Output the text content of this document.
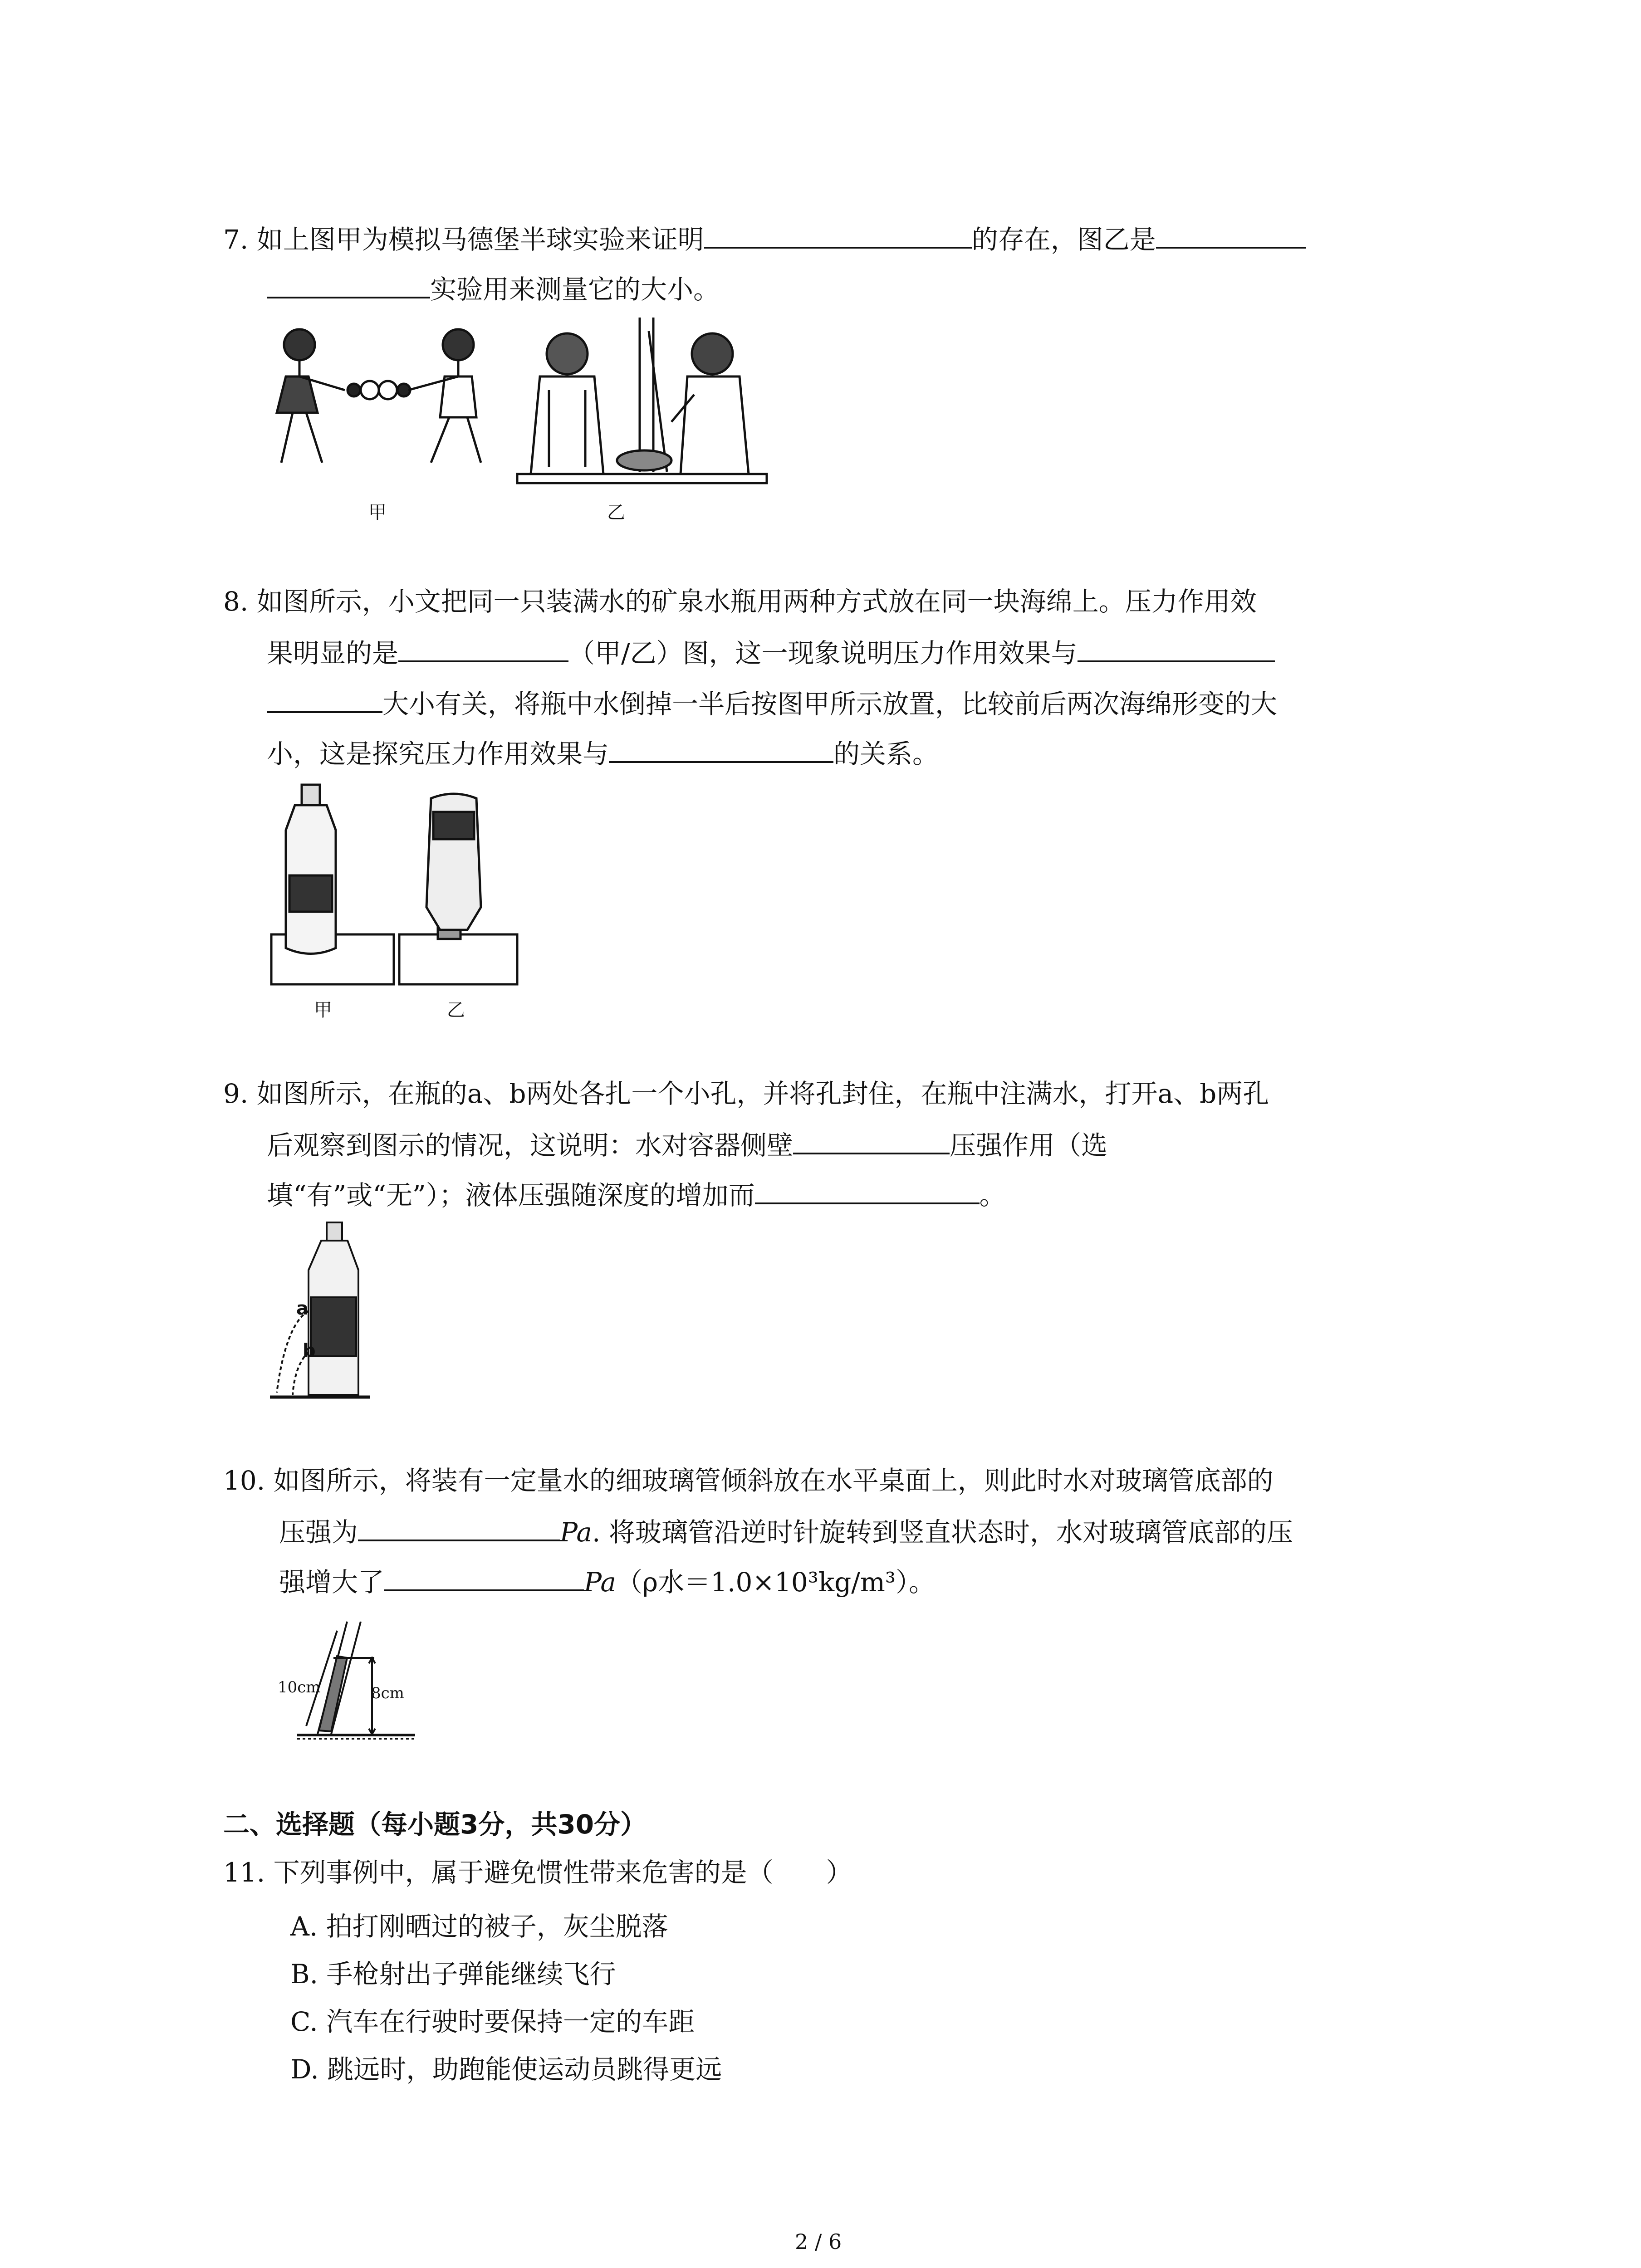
7. 如上图甲为模拟马德堡半球实验来证明	的存在，图乙是
实验用来测量它的大小。
甲	乙
8. 如图所示，小文把同一只装满水的矿泉水瓶用两种方式放在同一块海绵上。压力作用效
果明显的是	（甲/乙）图，这一现象说明压力作用效果与
大小有关，将瓶中水倒掉一半后按图甲所示放置，比较前后两次海绵形变的大
小，这是探究压力作用效果与	的关系。
甲	乙
9. 如图所示，在瓶的a、b两处各扎一个小孔，并将孔封住，在瓶中注满水，打开a、b两孔
后观察到图示的情况，这说明：水对容器侧壁	压强作用（选
填“有”或“无”）；液体压强随深度的增加而	。
a
b
10. 如图所示，将装有一定量水的细玻璃管倾斜放在水平桌面上，则此时水对玻璃管底部的
压强为	Pa. 将玻璃管沿逆时针旋转到竖直状态时，水对玻璃管底部的压
强增大了	Pa（ρ水＝1.0×10³kg/m³）。
10cm	8cm
二、选择题（每小题3分，共30分）
11. 下列事例中，属于避免惯性带来危害的是（　　）
A. 拍打刚晒过的被子，灰尘脱落
B. 手枪射出子弹能继续飞行
C. 汽车在行驶时要保持一定的车距
D. 跳远时，助跑能使运动员跳得更远
2 / 6
